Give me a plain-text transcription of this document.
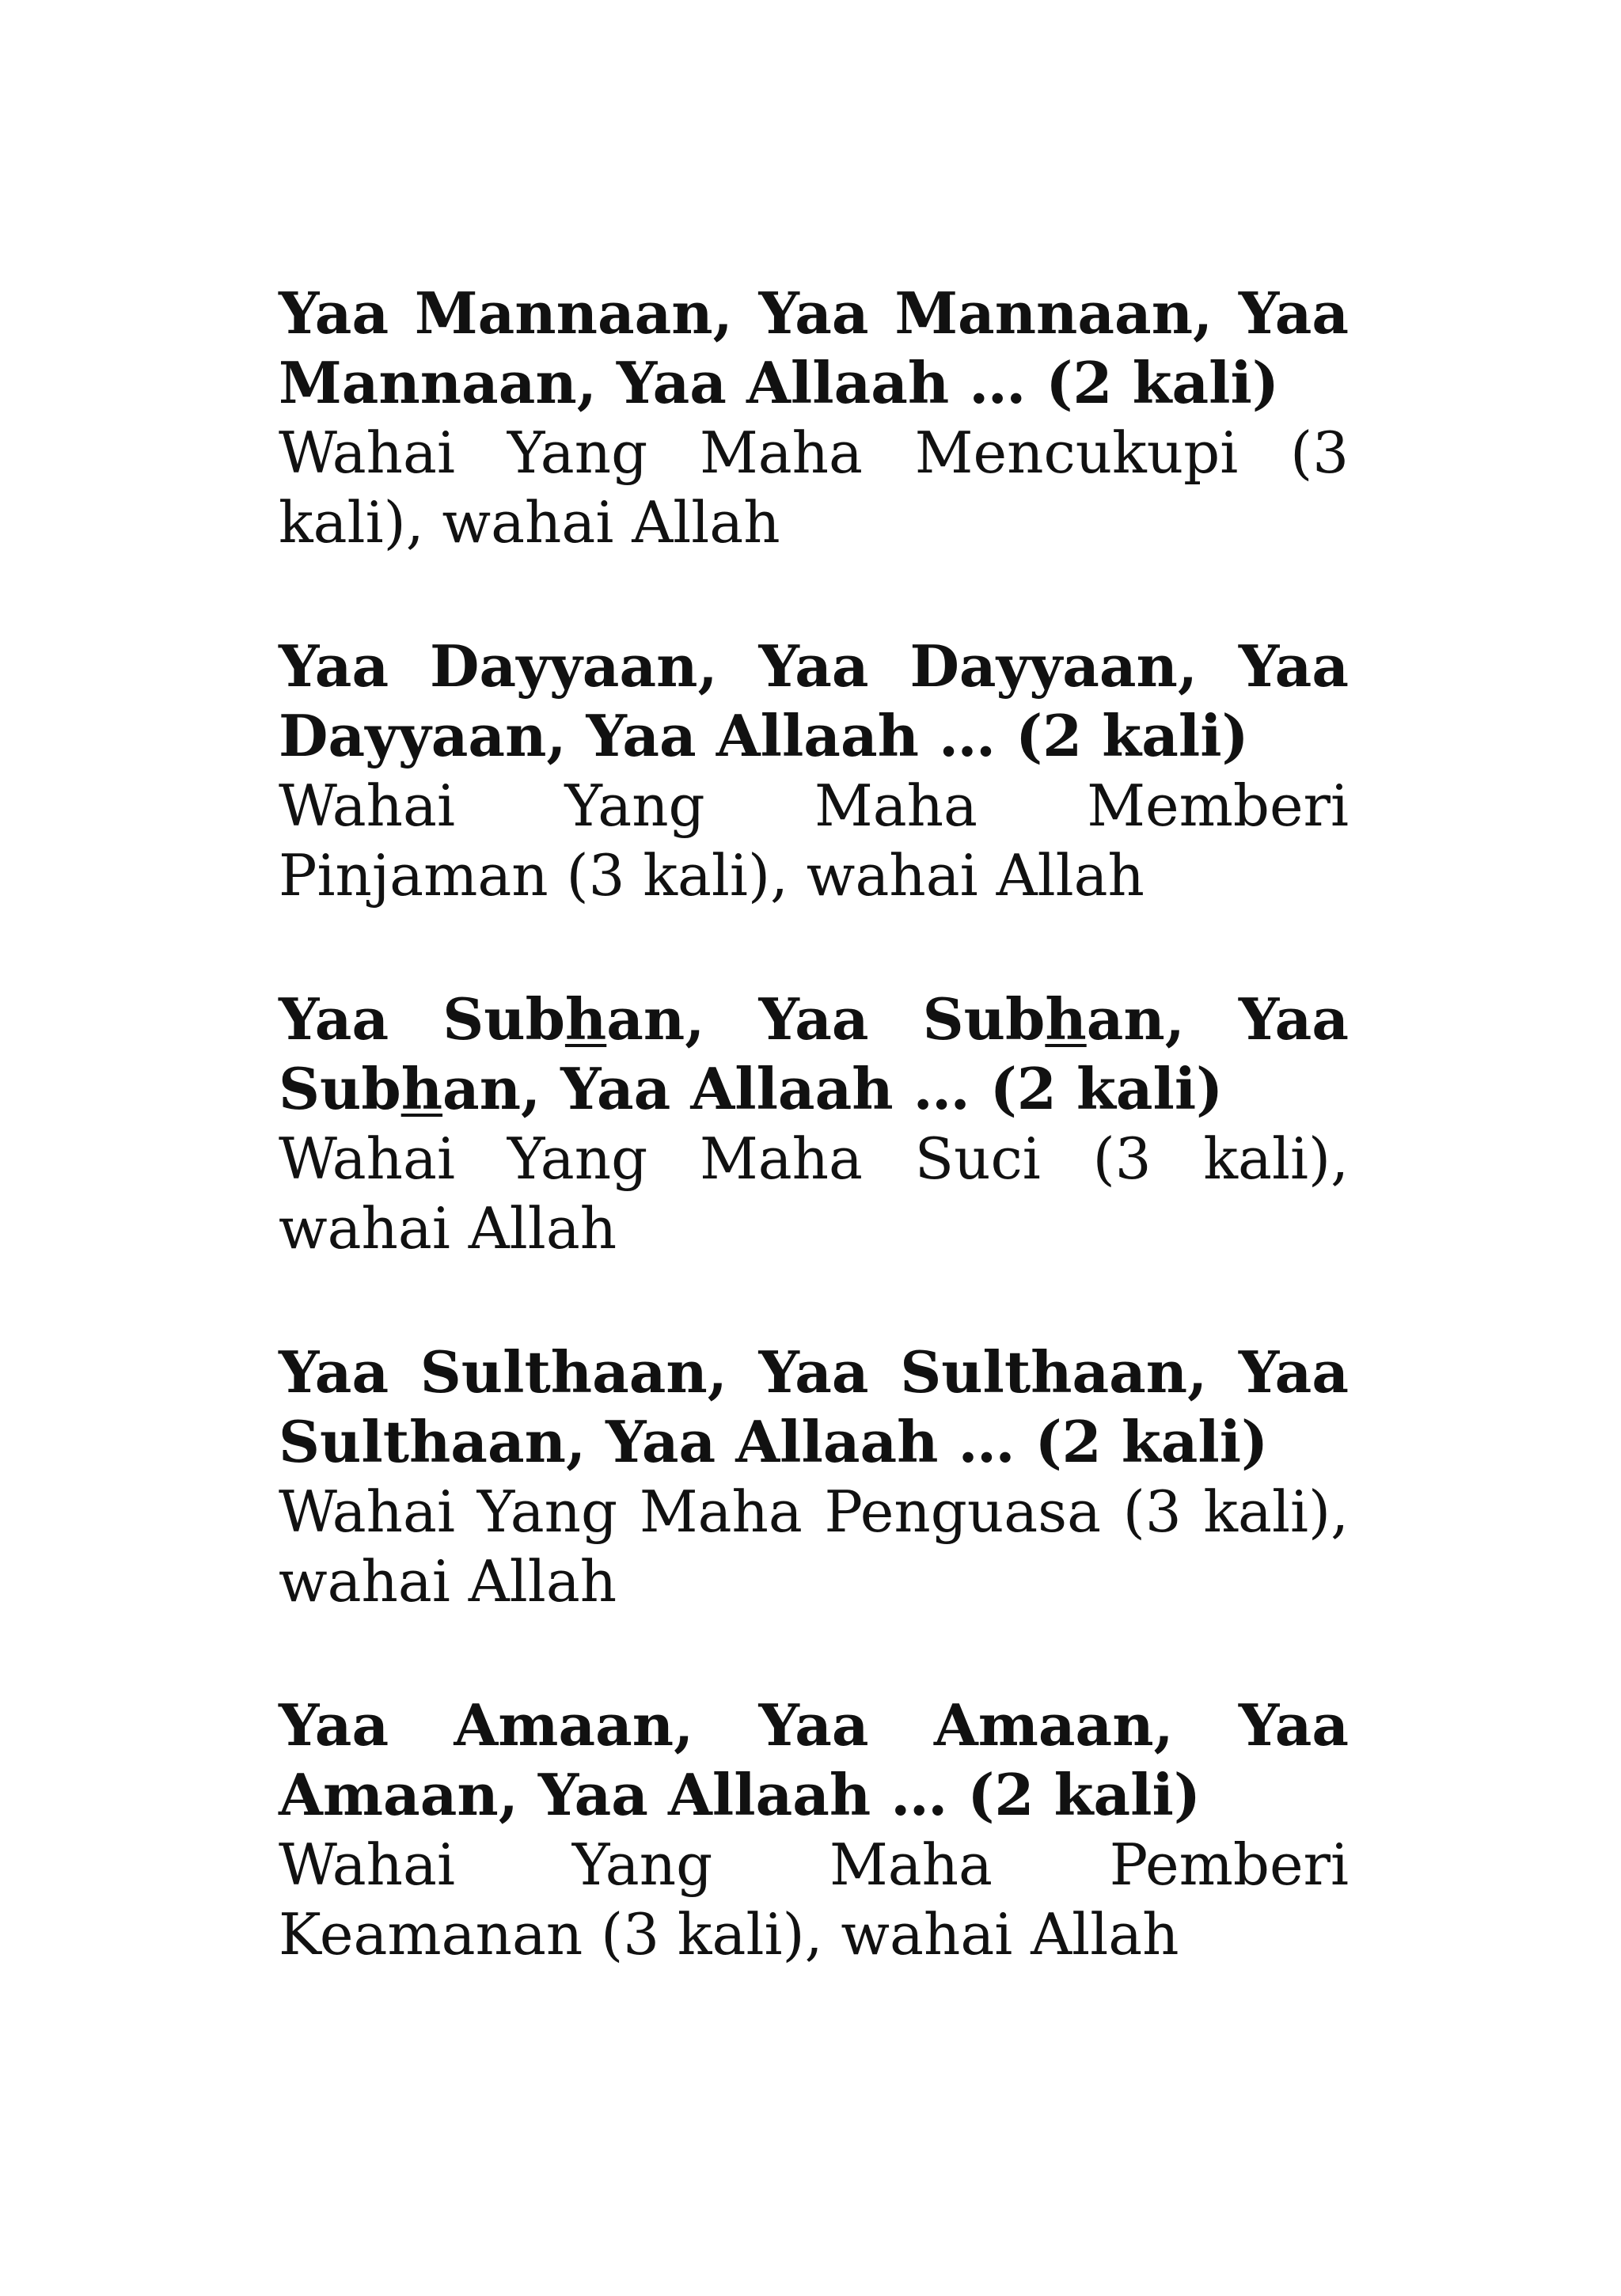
Yaa Mannaan, Yaa Mannaan, Yaa Mannaan, Yaa Allaah … (2 kali)
Wahai Yang Maha Mencukupi (3 kali), wahai Allah
Yaa Dayyaan, Yaa Dayyaan, Yaa Dayyaan, Yaa Allaah … (2 kali)
Wahai Yang Maha Memberi Pinjaman (3 kali), wahai Allah
Yaa Subhan, Yaa Subhan, Yaa Subhan, Yaa Allaah … (2 kali)
Wahai Yang Maha Suci (3 kali), wahai Allah
Yaa Sulthaan, Yaa Sulthaan, Yaa Sulthaan, Yaa Allaah … (2 kali)
Wahai Yang Maha Penguasa (3 kali), wahai Allah
Yaa Amaan, Yaa Amaan, Yaa Amaan, Yaa Allaah … (2 kali)
Wahai Yang Maha Pemberi Keamanan (3 kali), wahai Allah
